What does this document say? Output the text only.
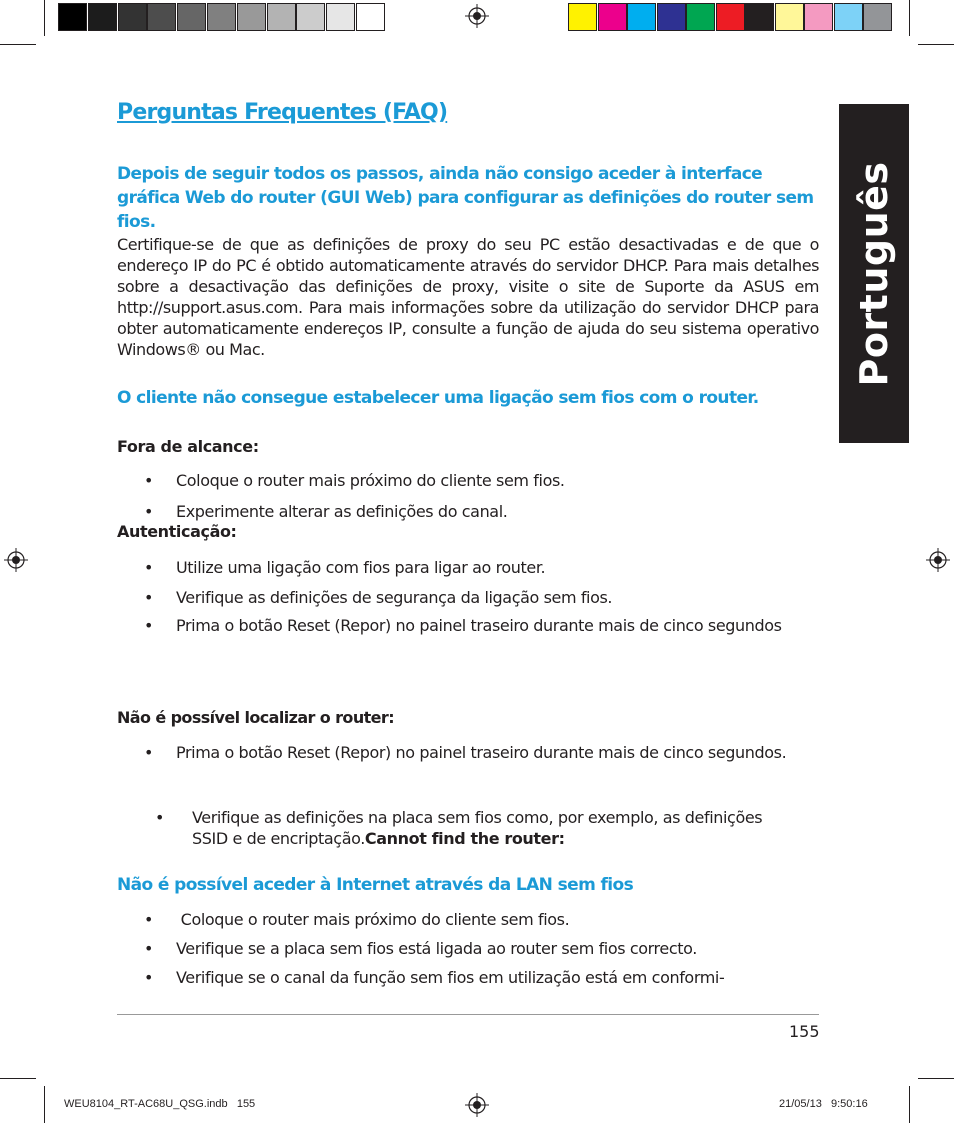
Português
Perguntas Frequentes (FAQ)
Depois de seguir todos os passos, ainda não consigo aceder à interface gráfica Web do router (GUI Web) para configurar as definições do router sem fios.
Certifique-se de que as definições de proxy do seu PC estão desactivadas e de que o endereço IP do PC é obtido automaticamente através do servidor DHCP. Para mais detalhes sobre a desactivação das definições de proxy, visite o site de Suporte da ASUS em http://support.asus.com. Para mais informações sobre da utilização do servidor DHCP para obter automaticamente endereços IP, consulte a função de ajuda do seu sistema operativo Windows® ou Mac.
O cliente não consegue estabelecer uma ligação sem fios com o router.
Fora de alcance:
• Coloque o router mais próximo do cliente sem fios.
• Experimente alterar as definições do canal.
Autenticação:
• Utilize uma ligação com fios para ligar ao router.
• Verifique as definições de segurança da ligação sem fios.
• Prima o botão Reset (Repor) no painel traseiro durante mais de cinco segundos
Não é possível localizar o router:
• Prima o botão Reset (Repor) no painel traseiro durante mais de cinco segundos.
• Verifique as definições na placa sem fios como, por exemplo, as definições SSID e de encriptação.Cannot find the router:
Não é possível aceder à Internet através da LAN sem fios
• Coloque o router mais próximo do cliente sem fios.
• Verifique se a placa sem fios está ligada ao router sem fios correcto.
• Verifique se o canal da função sem fios em utilização está em conformi-
155
WEU8104_RT-AC68U_QSG.indb   155	21/05/13   9:50:16
